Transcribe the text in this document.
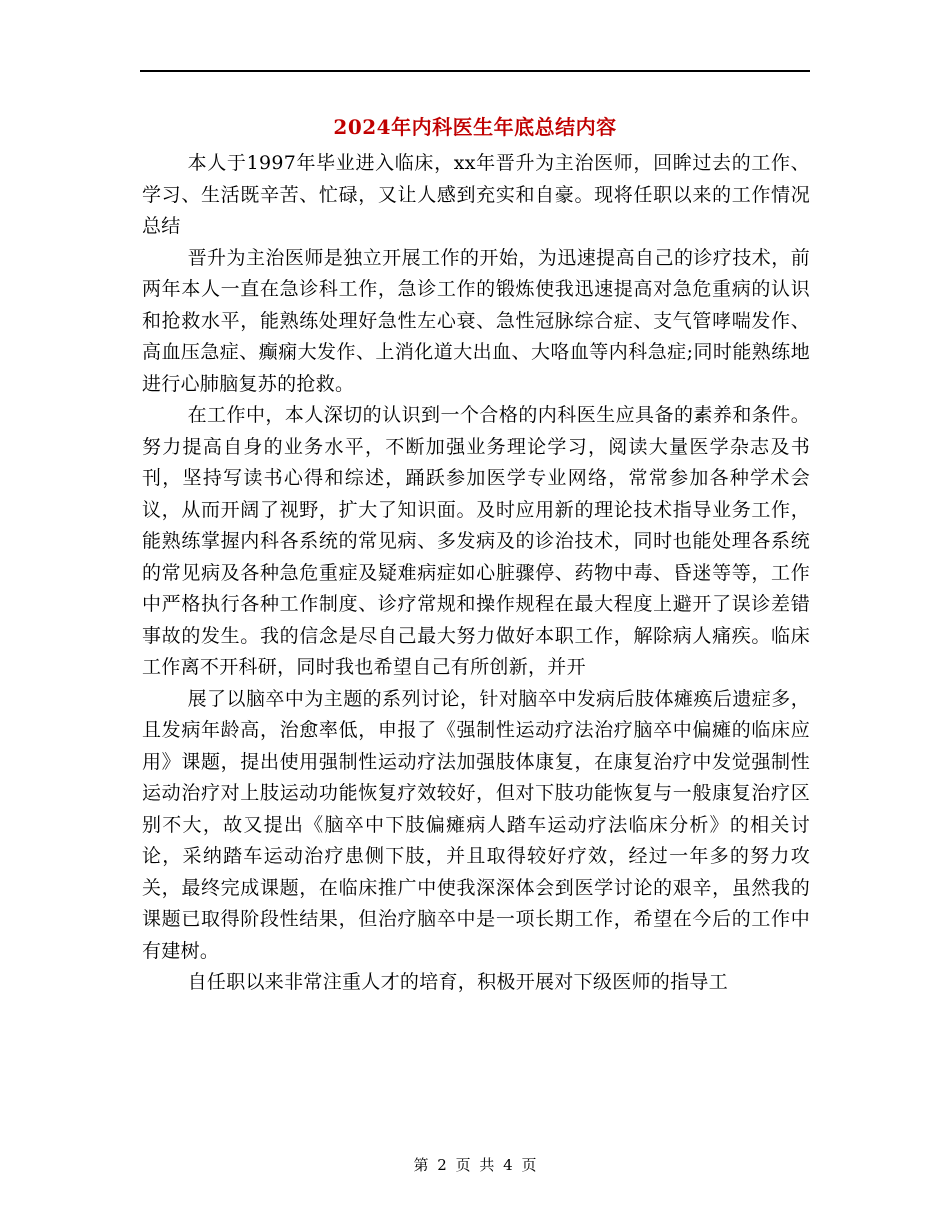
2024年内科医生年底总结内容

本人于1997年毕业进入临床，xx年晋升为主治医师，回眸过去的工作、学习、生活既辛苦、忙碌，又让人感到充实和自豪。现将任职以来的工作情况总结

晋升为主治医师是独立开展工作的开始，为迅速提高自己的诊疗技术，前两年本人一直在急诊科工作，急诊工作的锻炼使我迅速提高对急危重病的认识和抢救水平，能熟练处理好急性左心衰、急性冠脉综合症、支气管哮喘发作、高血压急症、癫痫大发作、上消化道大出血、大咯血等内科急症;同时能熟练地进行心肺脑复苏的抢救。

在工作中，本人深切的认识到一个合格的内科医生应具备的素养和条件。努力提高自身的业务水平，不断加强业务理论学习，阅读大量医学杂志及书刊，坚持写读书心得和综述，踊跃参加医学专业网络，常常参加各种学术会议，从而开阔了视野，扩大了知识面。及时应用新的理论技术指导业务工作，能熟练掌握内科各系统的常见病、多发病及的诊治技术，同时也能处理各系统的常见病及各种急危重症及疑难病症如心脏骤停、药物中毒、昏迷等等，工作中严格执行各种工作制度、诊疗常规和操作规程在最大程度上避开了误诊差错事故的发生。我的信念是尽自己最大努力做好本职工作，解除病人痛疾。临床工作离不开科研，同时我也希望自己有所创新，并开

展了以脑卒中为主题的系列讨论，针对脑卒中发病后肢体瘫痪后遗症多，且发病年龄高，治愈率低，申报了《强制性运动疗法治疗脑卒中偏瘫的临床应用》课题，提出使用强制性运动疗法加强肢体康复，在康复治疗中发觉强制性运动治疗对上肢运动功能恢复疗效较好，但对下肢功能恢复与一般康复治疗区别不大，故又提出《脑卒中下肢偏瘫病人踏车运动疗法临床分析》的相关讨论，采纳踏车运动治疗患侧下肢，并且取得较好疗效，经过一年多的努力攻关，最终完成课题，在临床推广中使我深深体会到医学讨论的艰辛，虽然我的课题已取得阶段性结果，但治疗脑卒中是一项长期工作，希望在今后的工作中有建树。

自任职以来非常注重人才的培育，积极开展对下级医师的指导工

第 2 页 共 4 页
